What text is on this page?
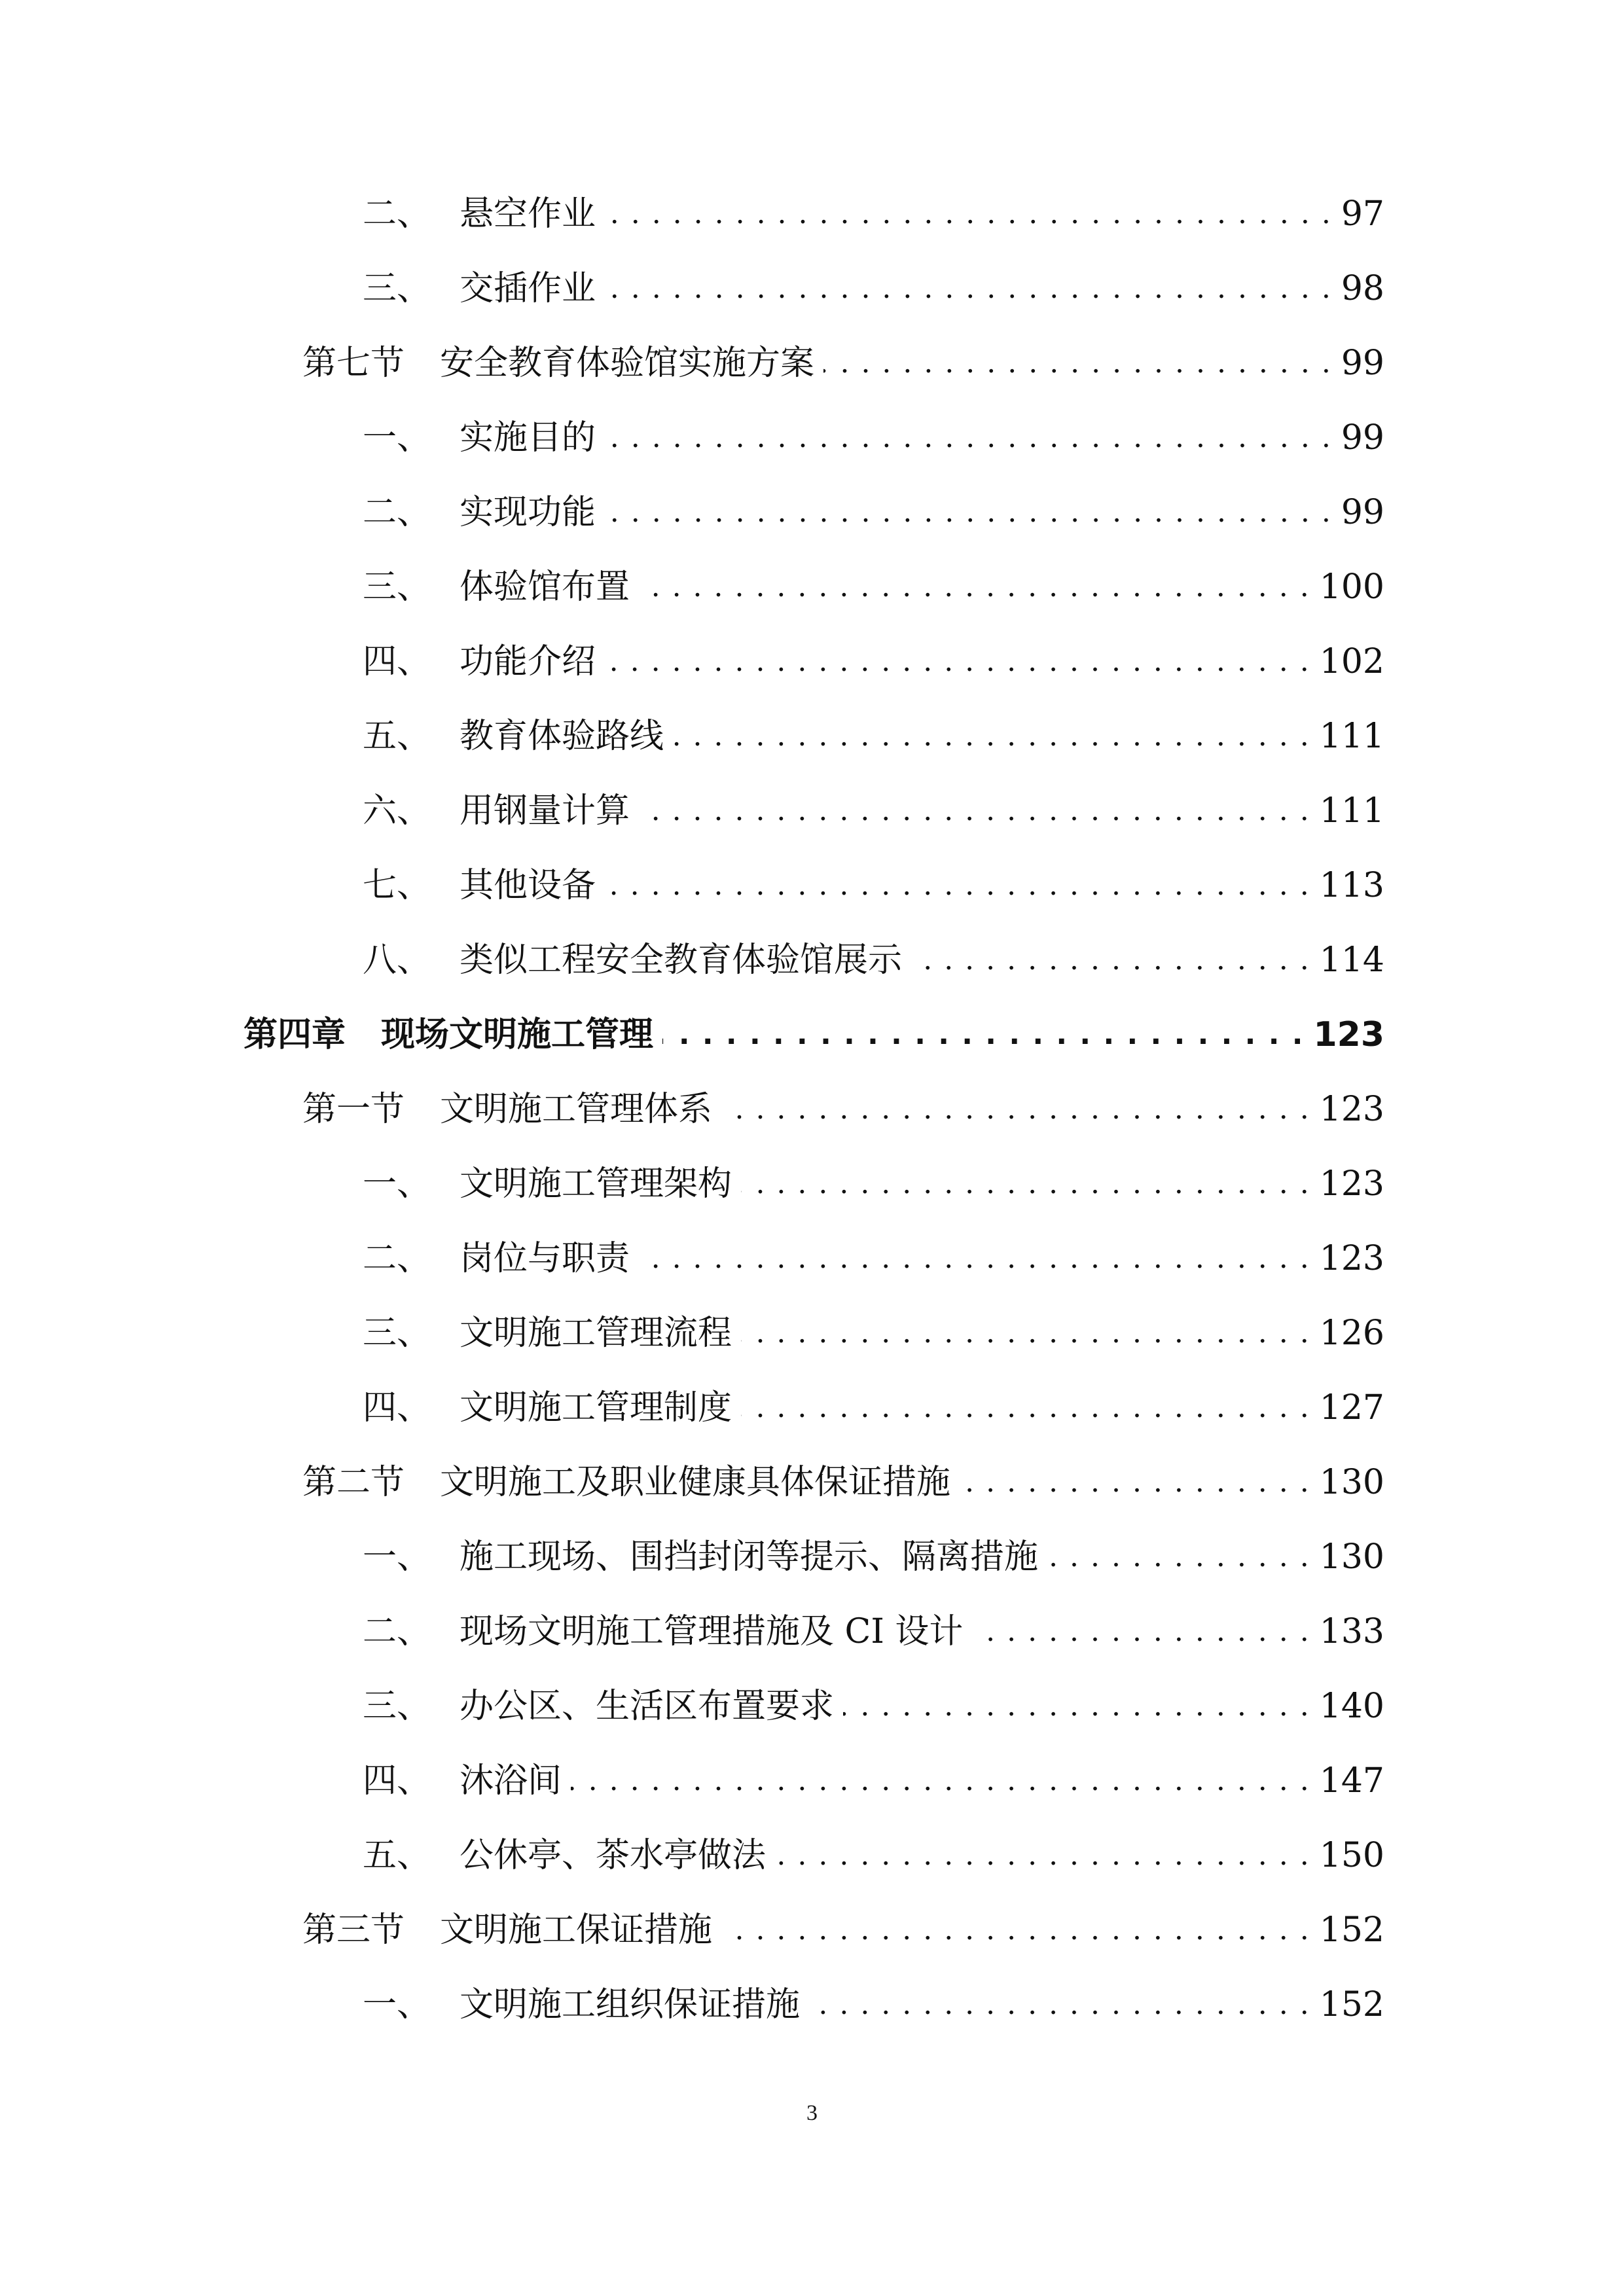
二、 悬空作业 . . .	97
三、 交插作业 . . .	98
第七节	安全教育体验馆实施方案 . . .	99
一、 实施目的 . . .	99
二、 实现功能 . . .	99
三、 体验馆布置 . . .	100
四、 功能介绍 . . .	102
五、 教育体验路线 . . .	111
六、 用钢量计算 . . .	111
七、 其他设备 . . .	113
八、 类似工程安全教育体验馆展示 . . .	114
第四章	现场文明施工管理 . . .	123
第一节	文明施工管理体系 . . .	123
一、 文明施工管理架构 . . .	123
二、 岗位与职责 . . .	123
三、 文明施工管理流程 . . .	126
四、 文明施工管理制度 . . .	127
第二节	文明施工及职业健康具体保证措施 . . .	130
一、 施工现场、围挡封闭等提示、隔离措施 . . .	130
二、 现场文明施工管理措施及 CI 设计 . . .	133
三、 办公区、生活区布置要求 . . .	140
四、 沐浴间 . . .	147
五、 公休亭、茶水亭做法 . . .	150
第三节	文明施工保证措施 . . .	152
一、 文明施工组织保证措施 . . .	152
3
